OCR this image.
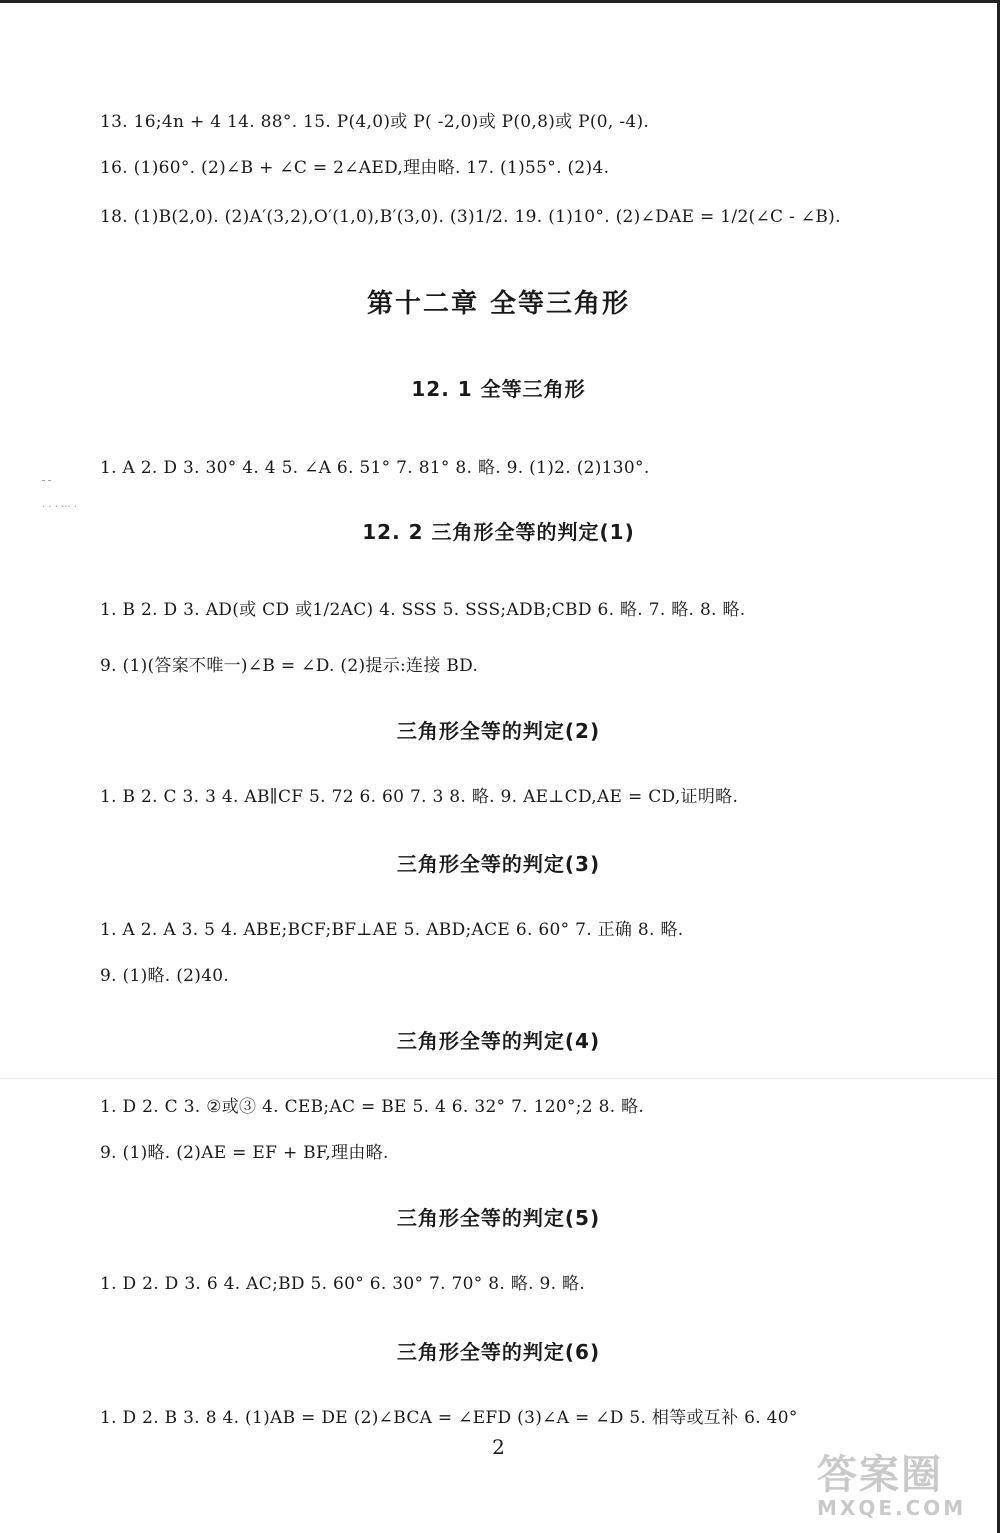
13. 16;4n + 4 14. 88°. 15. P(4,0)或 P( -2,0)或 P(0,8)或 P(0, -4).
16. (1)60°. (2)∠B + ∠C = 2∠AED,理由略. 17. (1)55°. (2)4.
18. (1)B(2,0). (2)A′(3,2),O′(1,0),B′(3,0). (3)1/2. 19. (1)10°. (2)∠DAE = 1/2(∠C - ∠B).
第十二章 全等三角形
12. 1 全等三角形
1. A 2. D 3. 30° 4. 4 5. ∠A 6. 51° 7. 81° 8. 略. 9. (1)2. (2)130°.
ـ ـ
· · · ··· ·
12. 2 三角形全等的判定(1)
1. B 2. D 3. AD(或 CD 或1/2AC) 4. SSS 5. SSS;ADB;CBD 6. 略. 7. 略. 8. 略.
9. (1)(答案不唯一)∠B = ∠D. (2)提示:连接 BD.
三角形全等的判定(2)
1. B 2. C 3. 3 4. AB∥CF 5. 72 6. 60 7. 3 8. 略. 9. AE⊥CD,AE = CD,证明略.
三角形全等的判定(3)
1. A 2. A 3. 5 4. ABE;BCF;BF⊥AE 5. ABD;ACE 6. 60° 7. 正确 8. 略.
9. (1)略. (2)40.
三角形全等的判定(4)
1. D 2. C 3. ②或③ 4. CEB;AC = BE 5. 4 6. 32° 7. 120°;2 8. 略.
9. (1)略. (2)AE = EF + BF,理由略.
三角形全等的判定(5)
1. D 2. D 3. 6 4. AC;BD 5. 60° 6. 30° 7. 70° 8. 略. 9. 略.
三角形全等的判定(6)
1. D 2. B 3. 8 4. (1)AB = DE (2)∠BCA = ∠EFD (3)∠A = ∠D 5. 相等或互补 6. 40°
2
答案圈
MXQE.COM
